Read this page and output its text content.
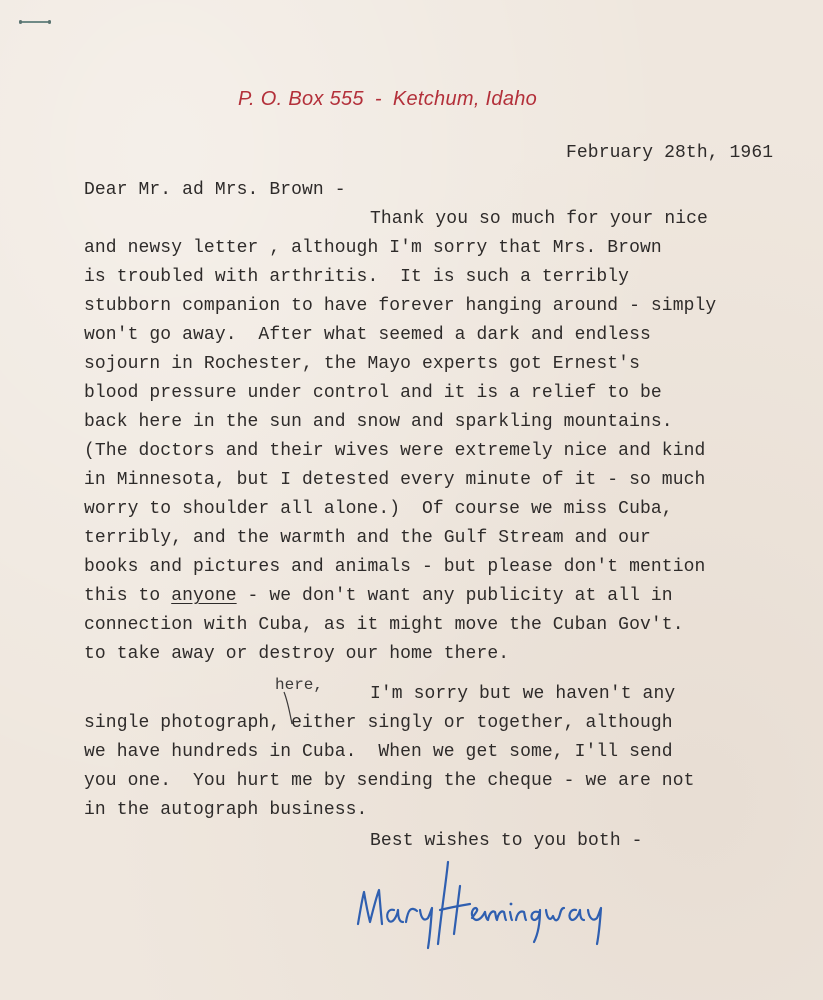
P. O. Box 555 - Ketchum, Idaho
February 28th, 1961
Dear Mr. ad Mrs. Brown -
Thank you so much for your nice
and newsy letter , although I'm sorry that Mrs. Brown
is troubled with arthritis.  It is such a terribly
stubborn companion to have forever hanging around - simply
won't go away.  After what seemed a dark and endless
sojourn in Rochester, the Mayo experts got Ernest's
blood pressure under control and it is a relief to be
back here in the sun and snow and sparkling mountains.
(The doctors and their wives were extremely nice and kind
in Minnesota, but I detested every minute of it - so much
worry to shoulder all alone.)  Of course we miss Cuba,
terribly, and the warmth and the Gulf Stream and our
books and pictures and animals - but please don't mention
this to anyone - we don't want any publicity at all in
connection with Cuba, as it might move the Cuban Gov't.
to take away or destroy our home there.
here,	I'm sorry but we haven't any
single photograph, either singly or together, although
we have hundreds in Cuba.  When we get some, I'll send
you one.  You hurt me by sending the cheque - we are not
in the autograph business.
Best wishes to you both -
